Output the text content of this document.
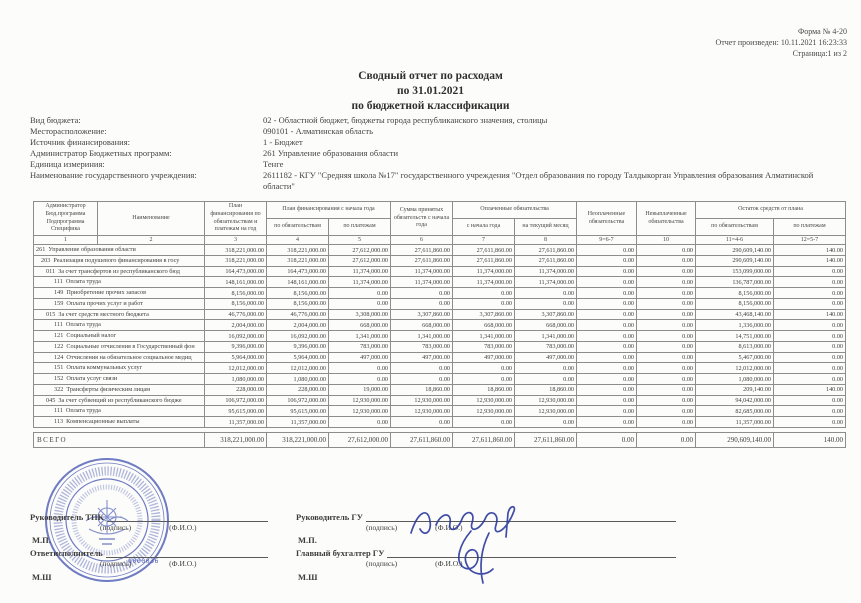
Форма № 4-20
Отчет произведен: 10.11.2021 16:23:33
Страница:1 из 2
Сводный отчет по расходам
по 31.01.2021
по бюджетной классификации
Вид бюджета:	02 - Областной бюджет, бюджеты города республиканского значения, столицы
Месторасположение:	090101 - Алматинская область
Источник финансирования:	1 - Бюджет
Администратор Бюджетных программ:	261 Управление образования области
Единица измериния:	Тенге
Наименование государственного учреждения:	2611182 - КГУ "Средняя школа №17" государственного учреждения "Отдел образования по городу Талдыкорган Управления образования Алматинской области"
Администратор Бюд.программа Подпрограмма Специфика	Наименование	План финансирования по обязательствам и платежам на год	План финансирования с начала года		Сумма принятых обязательств с начала года	Оплаченные обязательства		Неоплаченные обязательства	Невыплаченные обязательства	Остаток средств от плана	
			по обязательствам	по платежам		с начала года	на текущий месяц			по обязательствам	по платежам
1	2	3	4	5	6	7	8	9=6-7	10	11=4-6	12=5-7
261 Управление образования области		318,221,000.00	318,221,000.00	27,612,000.00	27,611,860.00	27,611,860.00	27,611,860.00	0.00	0.00	290,609,140.00	140.00
203 Реализация подушевого финансирования в госу		318,221,000.00	318,221,000.00	27,612,000.00	27,611,860.00	27,611,860.00	27,611,860.00	0.00	0.00	290,609,140.00	140.00
011 За счет трансфертов из республиканского бюд		164,473,000.00	164,473,000.00	11,374,000.00	11,374,000.00	11,374,000.00	11,374,000.00	0.00	0.00	153,099,000.00	0.00
111 Оплата труда		148,161,000.00	148,161,000.00	11,374,000.00	11,374,000.00	11,374,000.00	11,374,000.00	0.00	0.00	136,787,000.00	0.00
149 Приобретение прочих запасов		8,156,000.00	8,156,000.00	0.00	0.00	0.00	0.00	0.00	0.00	8,156,000.00	0.00
159 Оплата прочих услуг и работ		8,156,000.00	8,156,000.00	0.00	0.00	0.00	0.00	0.00	0.00	8,156,000.00	0.00
015 За счет средств местного бюджета		46,776,000.00	46,776,000.00	3,308,000.00	3,307,860.00	3,307,860.00	3,307,860.00	0.00	0.00	43,468,140.00	140.00
111 Оплата труда		2,004,000.00	2,004,000.00	668,000.00	668,000.00	668,000.00	668,000.00	0.00	0.00	1,336,000.00	0.00
121 Социальный налог		16,092,000.00	16,092,000.00	1,341,000.00	1,341,000.00	1,341,000.00	1,341,000.00	0.00	0.00	14,751,000.00	0.00
122 Социальные отчисления в Государственный фон		9,396,000.00	9,396,000.00	783,000.00	783,000.00	783,000.00	783,000.00	0.00	0.00	8,613,000.00	0.00
124 Отчисления на обязательное социальное медиц		5,964,000.00	5,964,000.00	497,000.00	497,000.00	497,000.00	497,000.00	0.00	0.00	5,467,000.00	0.00
151 Оплата коммунальных услуг		12,012,000.00	12,012,000.00	0.00	0.00	0.00	0.00	0.00	0.00	12,012,000.00	0.00
152 Оплата услуг связи		1,080,000.00	1,080,000.00	0.00	0.00	0.00	0.00	0.00	0.00	1,080,000.00	0.00
322 Трансферты физическим лицам		228,000.00	228,000.00	19,000.00	18,860.00	18,860.00	18,860.00	0.00	0.00	209,140.00	140.00
045 За счет субвенций из республиканского бюдже		106,972,000.00	106,972,000.00	12,930,000.00	12,930,000.00	12,930,000.00	12,930,000.00	0.00	0.00	94,042,000.00	0.00
111 Оплата труда		95,615,000.00	95,615,000.00	12,930,000.00	12,930,000.00	12,930,000.00	12,930,000.00	0.00	0.00	82,685,000.00	0.00
113 Компенсационные выплаты		11,357,000.00	11,357,000.00	0.00	0.00	0.00	0.00	0.00	0.00	11,357,000.00	0.00

ВСЕГО		318,221,000.00	318,221,000.00	27,612,000.00	27,611,860.00	27,611,860.00	27,611,860.00	0.00	0.00	290,609,140.00	140.00
0000036
Руководитель ТПК
(подпись)	(Ф.И.О.)
М.П.
Ответисполнитель
(подпись)	(Ф.И.О.)
М.Ш
Руководитель ГУ
(подпись)	(Ф.И.О.)
М.П.
Главный бухгалтер ГУ
(подпись)	(Ф.И.О.)
М.Ш
